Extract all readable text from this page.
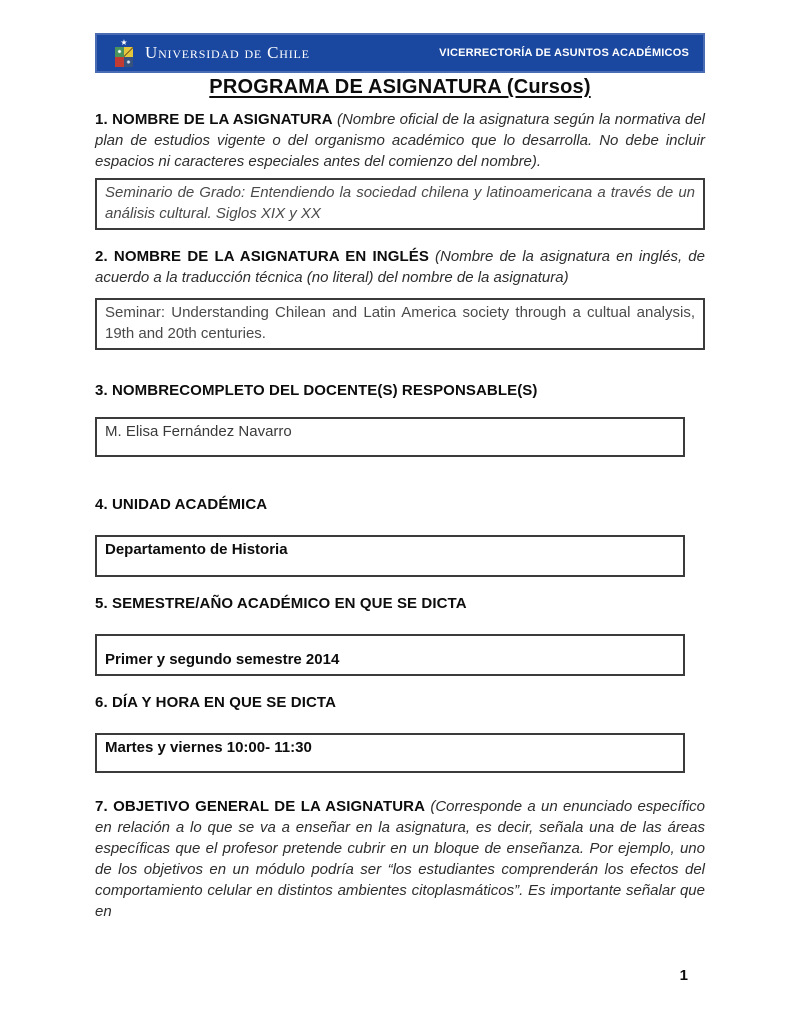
★
Universidad de Chile	VICERRECTORÍA DE ASUNTOS ACADÉMICOS
PROGRAMA DE ASIGNATURA (Cursos)

1. NOMBRE DE LA ASIGNATURA (Nombre oficial de la asignatura según la normativa del plan de estudios vigente o del organismo académico que lo desarrolla. No debe incluir espacios ni caracteres especiales antes del comienzo del nombre).

Seminario de Grado: Entendiendo la sociedad chilena y latinoamericana a través de un análisis cultural. Siglos XIX y XX

2. NOMBRE DE LA ASIGNATURA EN INGLÉS (Nombre de la asignatura en inglés, de acuerdo a la traducción técnica (no literal) del nombre de la asignatura)

Seminar: Understanding Chilean and Latin America society through a cultual analysis, 19th and 20th centuries.

3. NOMBRECOMPLETO DEL DOCENTE(S) RESPONSABLE(S)

M. Elisa Fernández Navarro

4. UNIDAD ACADÉMICA

Departamento de Historia

5. SEMESTRE/AÑO ACADÉMICO EN QUE SE DICTA

Primer y segundo semestre 2014

6. DÍA Y HORA EN QUE SE DICTA

Martes y viernes 10:00- 11:30

7. OBJETIVO GENERAL DE LA ASIGNATURA (Corresponde a un enunciado específico en relación a lo que se va a enseñar en la asignatura, es decir, señala una de las áreas específicas que el profesor pretende cubrir en un bloque de enseñanza. Por ejemplo, uno de los objetivos en un módulo podría ser “los estudiantes comprenderán los efectos del comportamiento celular en distintos ambientes citoplasmáticos”. Es importante señalar que en

1
